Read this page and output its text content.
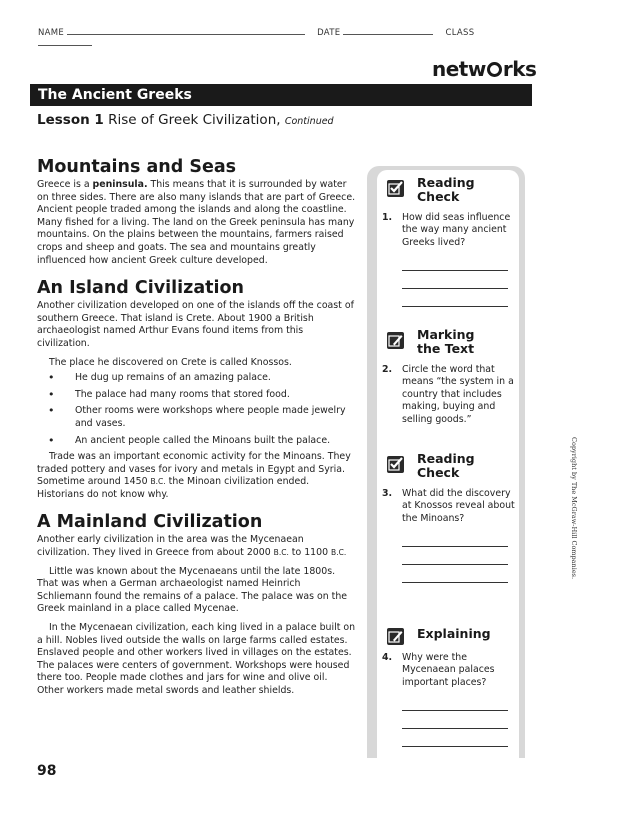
NAME	DATE	CLASS
netw rks
The Ancient Greeks
Lesson 1 Rise of Greek Civilization, Continued
Mountains and Seas

Greece is a peninsula. This means that it is surrounded by water on three sides. There are also many islands that are part of Greece. Ancient people traded among the islands and along the coastline. Many fished for a living. The land on the Greek peninsula has many mountains. On the plains between the mountains, farmers raised crops and sheep and goats. The sea and mountains greatly influenced how ancient Greek culture developed.

An Island Civilization

Another civilization developed on one of the islands off the coast of southern Greece. That island is Crete. About 1900 a British archaeologist named Arthur Evans found items from this civilization.

The place he discovered on Crete is called Knossos.

• He dug up remains of an amazing palace.
• The palace had many rooms that stored food.
• Other rooms were workshops where people made jewelry and vases.
• An ancient people called the Minoans built the palace.

Trade was an important economic activity for the Minoans. They traded pottery and vases for ivory and metals in Egypt and Syria. Sometime around 1450 B.C. the Minoan civilization ended. Historians do not know why.

A Mainland Civilization

Another early civilization in the area was the Mycenaean civilization. They lived in Greece from about 2000 B.C. to 1100 B.C.

Little was known about the Mycenaeans until the late 1800s. That was when a German archaeologist named Heinrich Schliemann found the remains of a palace. The palace was on the Greek mainland in a place called Mycenae.

In the Mycenaean civilization, each king lived in a palace built on a hill. Nobles lived outside the walls on large farms called estates. Enslaved people and other workers lived in villages on the estates. The palaces were centers of government. Workshops were housed there too. People made clothes and jars for wine and olive oil. Other workers made metal swords and leather shields.

98
Reading
Check
1. How did seas influence the way many ancient Greeks lived?
Marking
the Text
2. Circle the word that means “the system in a country that includes making, buying and selling goods.”
Reading
Check
3. What did the discovery at Knossos reveal about the Minoans?
Explaining
4. Why were the Mycenaean palaces important places?
Copyright by The McGraw-Hill Companies.
